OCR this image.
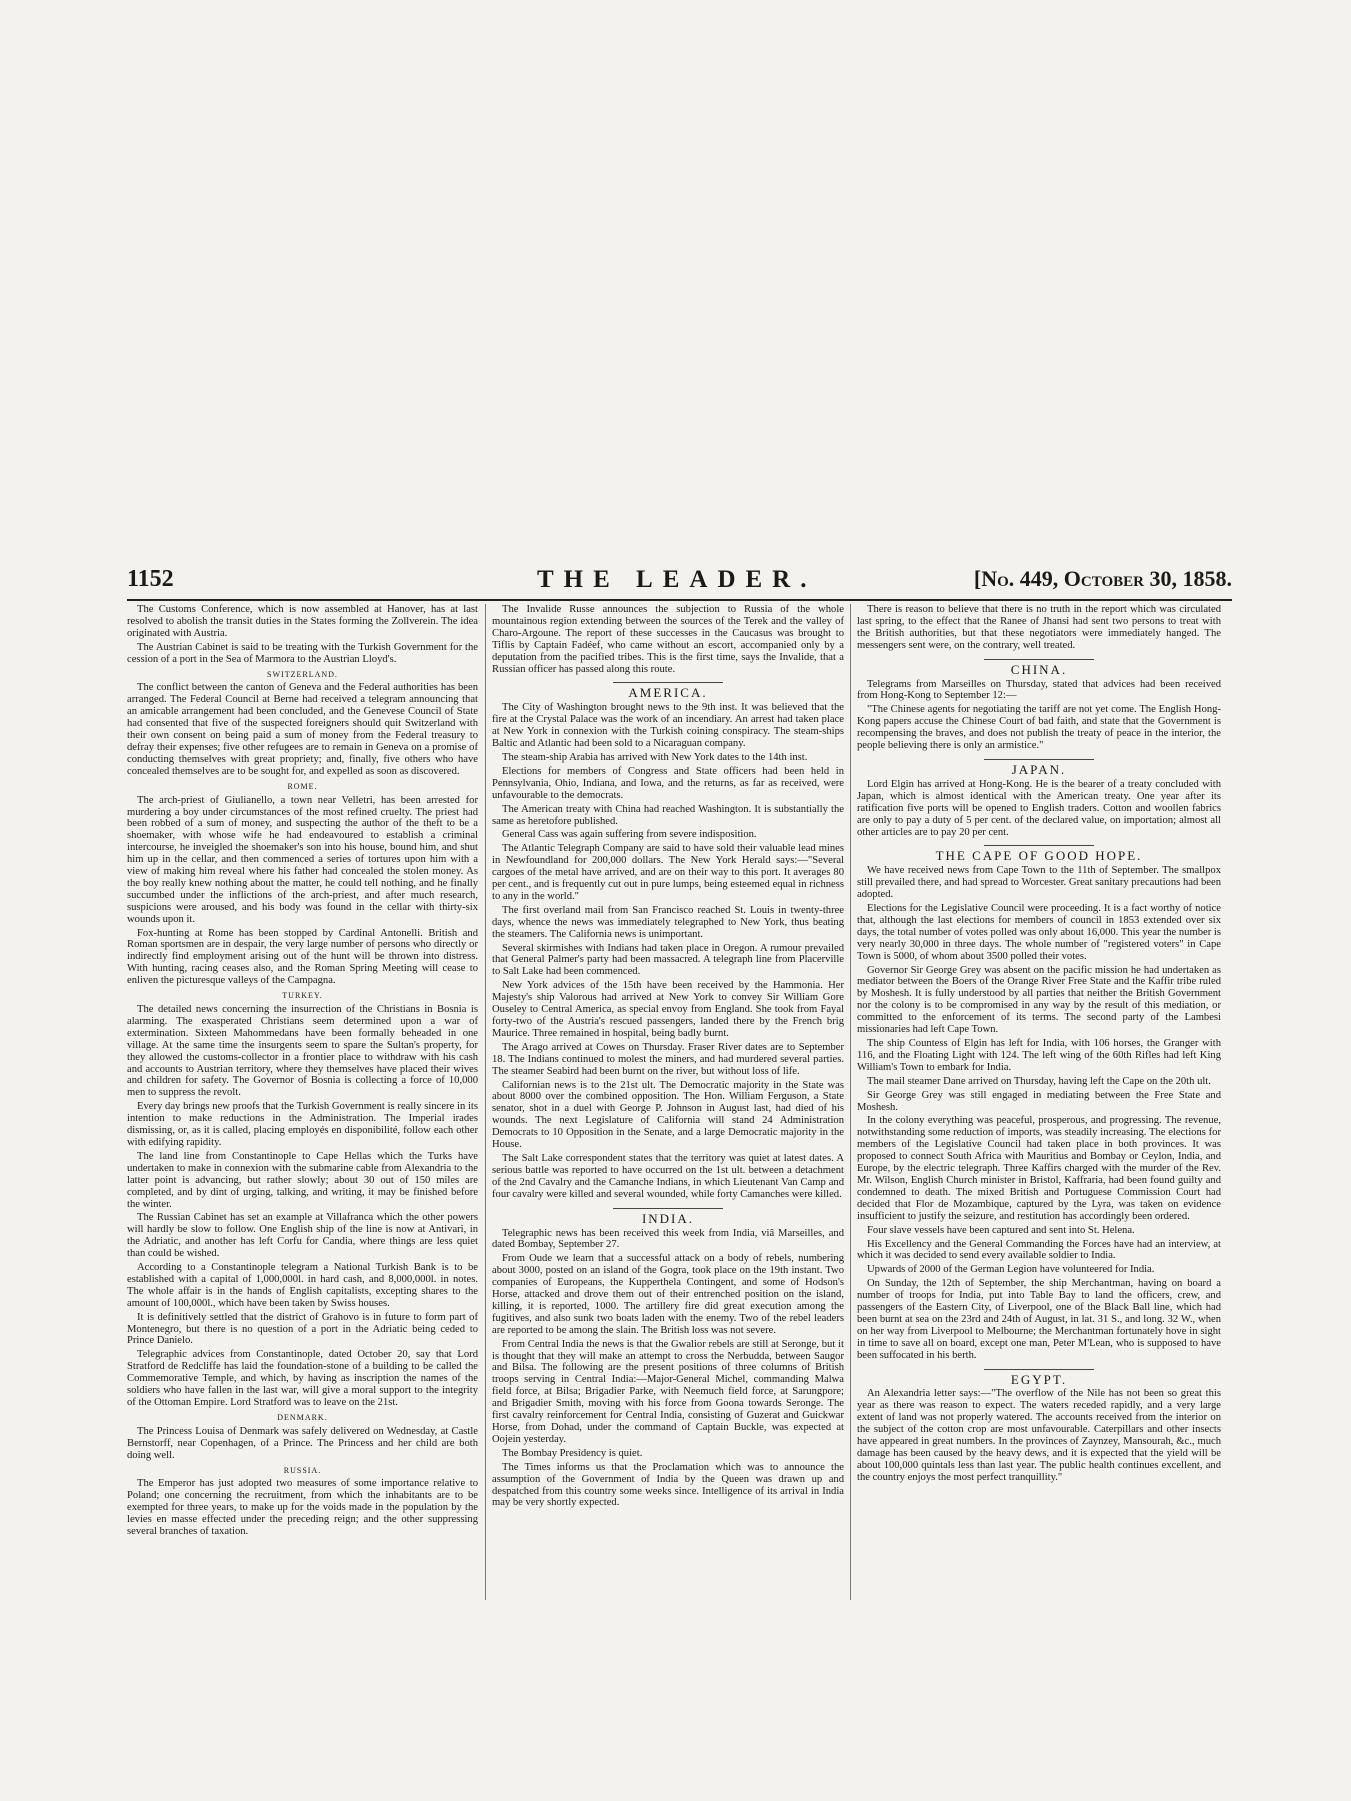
1152	THE LEADER.	[No. 449, October 30, 1858.

The Customs Conference, which is now assembled at Hanover, has at last resolved to abolish the transit duties in the States forming the Zollverein. The idea originated with Austria.

The Austrian Cabinet is said to be treating with the Turkish Government for the cession of a port in the Sea of Marmora to the Austrian Lloyd's.

SWITZERLAND.

The conflict between the canton of Geneva and the Federal authorities has been arranged. The Federal Council at Berne had received a telegram announcing that an amicable arrangement had been concluded, and the Genevese Council of State had consented that five of the suspected foreigners should quit Switzerland with their own consent on being paid a sum of money from the Federal treasury to defray their expenses; five other refugees are to remain in Geneva on a promise of conducting themselves with great propriety; and, finally, five others who have concealed themselves are to be sought for, and expelled as soon as discovered.

ROME.

The arch-priest of Giulianello, a town near Velletri, has been arrested for murdering a boy under circumstances of the most refined cruelty. The priest had been robbed of a sum of money, and suspecting the author of the theft to be a shoemaker, with whose wife he had endeavoured to establish a criminal intercourse, he inveigled the shoemaker's son into his house, bound him, and shut him up in the cellar, and then commenced a series of tortures upon him with a view of making him reveal where his father had concealed the stolen money. As the boy really knew nothing about the matter, he could tell nothing, and he finally succumbed under the inflictions of the arch-priest, and after much research, suspicions were aroused, and his body was found in the cellar with thirty-six wounds upon it.

Fox-hunting at Rome has been stopped by Cardinal Antonelli. British and Roman sportsmen are in despair, the very large number of persons who directly or indirectly find employment arising out of the hunt will be thrown into distress. With hunting, racing ceases also, and the Roman Spring Meeting will cease to enliven the picturesque valleys of the Campagna.

TURKEY.

The detailed news concerning the insurrection of the Christians in Bosnia is alarming. The exasperated Christians seem determined upon a war of extermination. Sixteen Mahommedans have been formally beheaded in one village. At the same time the insurgents seem to spare the Sultan's property, for they allowed the customs-collector in a frontier place to withdraw with his cash and accounts to Austrian territory, where they themselves have placed their wives and children for safety. The Governor of Bosnia is collecting a force of 10,000 men to suppress the revolt.

Every day brings new proofs that the Turkish Government is really sincere in its intention to make reductions in the Administration. The Imperial irades dismissing, or, as it is called, placing employés en disponibilité, follow each other with edifying rapidity.

The land line from Constantinople to Cape Hellas which the Turks have undertaken to make in connexion with the submarine cable from Alexandria to the latter point is advancing, but rather slowly; about 30 out of 150 miles are completed, and by dint of urging, talking, and writing, it may be finished before the winter.

The Russian Cabinet has set an example at Villafranca which the other powers will hardly be slow to follow. One English ship of the line is now at Antivari, in the Adriatic, and another has left Corfu for Candia, where things are less quiet than could be wished.

According to a Constantinople telegram a National Turkish Bank is to be established with a capital of 1,000,000l. in hard cash, and 8,000,000l. in notes. The whole affair is in the hands of English capitalists, excepting shares to the amount of 100,000l., which have been taken by Swiss houses.

It is definitively settled that the district of Grahovo is in future to form part of Montenegro, but there is no question of a port in the Adriatic being ceded to Prince Danielo.

Telegraphic advices from Constantinople, dated October 20, say that Lord Stratford de Redcliffe has laid the foundation-stone of a building to be called the Commemorative Temple, and which, by having as inscription the names of the soldiers who have fallen in the last war, will give a moral support to the integrity of the Ottoman Empire. Lord Stratford was to leave on the 21st.

DENMARK.

The Princess Louisa of Denmark was safely delivered on Wednesday, at Castle Bernstorff, near Copenhagen, of a Prince. The Princess and her child are both doing well.

RUSSIA.

The Emperor has just adopted two measures of some importance relative to Poland; one concerning the recruitment, from which the inhabitants are to be exempted for three years, to make up for the voids made in the population by the levies en masse effected under the preceding reign; and the other suppressing several branches of taxation.

The Invalide Russe announces the subjection to Russia of the whole mountainous region extending between the sources of the Terek and the valley of Charo-Argoune. The report of these successes in the Caucasus was brought to Tiflis by Captain Fadéef, who came without an escort, accompanied only by a deputation from the pacified tribes. This is the first time, says the Invalide, that a Russian officer has passed along this route.

AMERICA.

The City of Washington brought news to the 9th inst. It was believed that the fire at the Crystal Palace was the work of an incendiary. An arrest had taken place at New York in connexion with the Turkish coining conspiracy. The steam-ships Baltic and Atlantic had been sold to a Nicaraguan company.

The steam-ship Arabia has arrived with New York dates to the 14th inst.

Elections for members of Congress and State officers had been held in Pennsylvania, Ohio, Indiana, and Iowa, and the returns, as far as received, were unfavourable to the democrats.

The American treaty with China had reached Washington. It is substantially the same as heretofore published.

General Cass was again suffering from severe indisposition.

The Atlantic Telegraph Company are said to have sold their valuable lead mines in Newfoundland for 200,000 dollars. The New York Herald says:—"Several cargoes of the metal have arrived, and are on their way to this port. It averages 80 per cent., and is frequently cut out in pure lumps, being esteemed equal in richness to any in the world."

The first overland mail from San Francisco reached St. Louis in twenty-three days, whence the news was immediately telegraphed to New York, thus beating the steamers. The California news is unimportant.

Several skirmishes with Indians had taken place in Oregon. A rumour prevailed that General Palmer's party had been massacred. A telegraph line from Placerville to Salt Lake had been commenced.

New York advices of the 15th have been received by the Hammonia. Her Majesty's ship Valorous had arrived at New York to convey Sir William Gore Ouseley to Central America, as special envoy from England. She took from Fayal forty-two of the Austria's rescued passengers, landed there by the French brig Maurice. Three remained in hospital, being badly burnt.

The Arago arrived at Cowes on Thursday. Fraser River dates are to September 18. The Indians continued to molest the miners, and had murdered several parties. The steamer Seabird had been burnt on the river, but without loss of life.

Californian news is to the 21st ult. The Democratic majority in the State was about 8000 over the combined opposition. The Hon. William Ferguson, a State senator, shot in a duel with George P. Johnson in August last, had died of his wounds. The next Legislature of California will stand 24 Administration Democrats to 10 Opposition in the Senate, and a large Democratic majority in the House.

The Salt Lake correspondent states that the territory was quiet at latest dates. A serious battle was reported to have occurred on the 1st ult. between a detachment of the 2nd Cavalry and the Camanche Indians, in which Lieutenant Van Camp and four cavalry were killed and several wounded, while forty Camanches were killed.

INDIA.

Telegraphic news has been received this week from India, viâ Marseilles, and dated Bombay, September 27.

From Oude we learn that a successful attack on a body of rebels, numbering about 3000, posted on an island of the Gogra, took place on the 19th instant. Two companies of Europeans, the Kupperthela Contingent, and some of Hodson's Horse, attacked and drove them out of their entrenched position on the island, killing, it is reported, 1000. The artillery fire did great execution among the fugitives, and also sunk two boats laden with the enemy. Two of the rebel leaders are reported to be among the slain. The British loss was not severe.

From Central India the news is that the Gwalior rebels are still at Seronge, but it is thought that they will make an attempt to cross the Nerbudda, between Saugor and Bilsa. The following are the present positions of three columns of British troops serving in Central India:—Major-General Michel, commanding Malwa field force, at Bilsa; Brigadier Parke, with Neemuch field force, at Sarungpore; and Brigadier Smith, moving with his force from Goona towards Seronge. The first cavalry reinforcement for Central India, consisting of Guzerat and Guickwar Horse, from Dohad, under the command of Captain Buckle, was expected at Oojein yesterday.

The Bombay Presidency is quiet.

The Times informs us that the Proclamation which was to announce the assumption of the Government of India by the Queen was drawn up and despatched from this country some weeks since. Intelligence of its arrival in India may be very shortly expected.

There is reason to believe that there is no truth in the report which was circulated last spring, to the effect that the Ranee of Jhansi had sent two persons to treat with the British authorities, but that these negotiators were immediately hanged. The messengers sent were, on the contrary, well treated.

CHINA.

Telegrams from Marseilles on Thursday, stated that advices had been received from Hong-Kong to September 12:—

"The Chinese agents for negotiating the tariff are not yet come. The English Hong-Kong papers accuse the Chinese Court of bad faith, and state that the Government is recompensing the braves, and does not publish the treaty of peace in the interior, the people believing there is only an armistice."

JAPAN.

Lord Elgin has arrived at Hong-Kong. He is the bearer of a treaty concluded with Japan, which is almost identical with the American treaty. One year after its ratification five ports will be opened to English traders. Cotton and woollen fabrics are only to pay a duty of 5 per cent. of the declared value, on importation; almost all other articles are to pay 20 per cent.

THE CAPE OF GOOD HOPE.

We have received news from Cape Town to the 11th of September. The smallpox still prevailed there, and had spread to Worcester. Great sanitary precautions had been adopted.

Elections for the Legislative Council were proceeding. It is a fact worthy of notice that, although the last elections for members of council in 1853 extended over six days, the total number of votes polled was only about 16,000. This year the number is very nearly 30,000 in three days. The whole number of "registered voters" in Cape Town is 5000, of whom about 3500 polled their votes.

Governor Sir George Grey was absent on the pacific mission he had undertaken as mediator between the Boers of the Orange River Free State and the Kaffir tribe ruled by Moshesh. It is fully understood by all parties that neither the British Government nor the colony is to be compromised in any way by the result of this mediation, or committed to the enforcement of its terms. The second party of the Lambesi missionaries had left Cape Town.

The ship Countess of Elgin has left for India, with 106 horses, the Granger with 116, and the Floating Light with 124. The left wing of the 60th Rifles had left King William's Town to embark for India.

The mail steamer Dane arrived on Thursday, having left the Cape on the 20th ult.

Sir George Grey was still engaged in mediating between the Free State and Moshesh.

In the colony everything was peaceful, prosperous, and progressing. The revenue, notwithstanding some reduction of imports, was steadily increasing. The elections for members of the Legislative Council had taken place in both provinces. It was proposed to connect South Africa with Mauritius and Bombay or Ceylon, India, and Europe, by the electric telegraph. Three Kaffirs charged with the murder of the Rev. Mr. Wilson, English Church minister in Bristol, Kaffraria, had been found guilty and condemned to death. The mixed British and Portuguese Commission Court had decided that Flor de Mozambique, captured by the Lyra, was taken on evidence insufficient to justify the seizure, and restitution has accordingly been ordered.

Four slave vessels have been captured and sent into St. Helena.

His Excellency and the General Commanding the Forces have had an interview, at which it was decided to send every available soldier to India.

Upwards of 2000 of the German Legion have volunteered for India.

On Sunday, the 12th of September, the ship Merchantman, having on board a number of troops for India, put into Table Bay to land the officers, crew, and passengers of the Eastern City, of Liverpool, one of the Black Ball line, which had been burnt at sea on the 23rd and 24th of August, in lat. 31 S., and long. 32 W., when on her way from Liverpool to Melbourne; the Merchantman fortunately hove in sight in time to save all on board, except one man, Peter M'Lean, who is supposed to have been suffocated in his berth.

EGYPT.

An Alexandria letter says:—"The overflow of the Nile has not been so great this year as there was reason to expect. The waters receded rapidly, and a very large extent of land was not properly watered. The accounts received from the interior on the subject of the cotton crop are most unfavourable. Caterpillars and other insects have appeared in great numbers. In the provinces of Zaynzey, Mansourah, &c., much damage has been caused by the heavy dews, and it is expected that the yield will be about 100,000 quintals less than last year. The public health continues excellent, and the country enjoys the most perfect tranquillity."
